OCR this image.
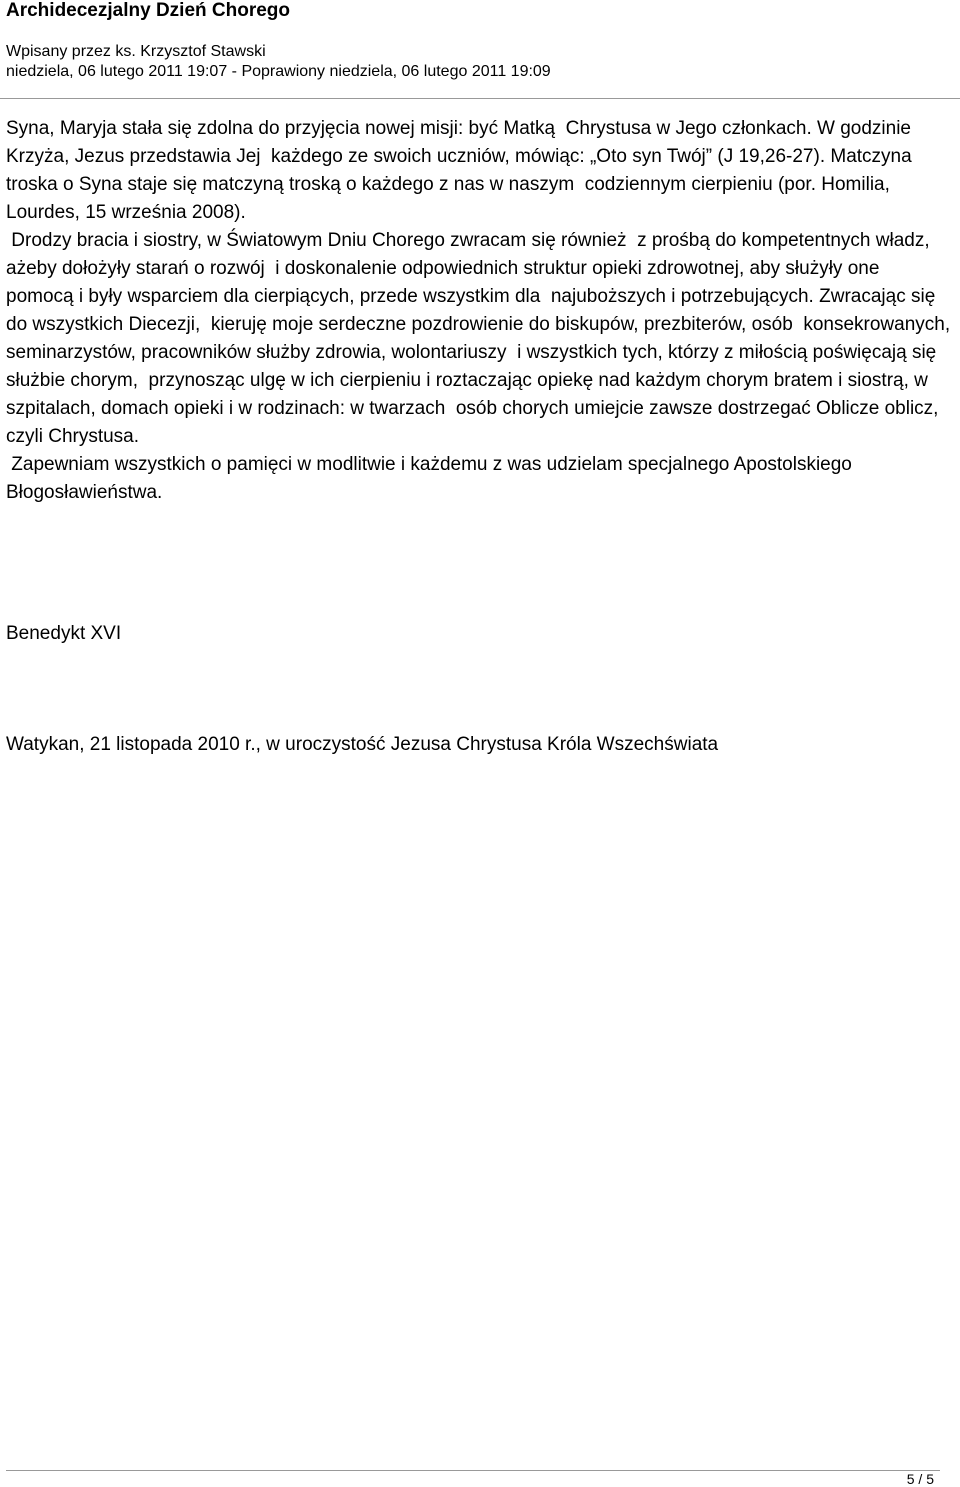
Archidecezjalny Dzień Chorego
Wpisany przez ks. Krzysztof Stawski
niedziela, 06 lutego 2011 19:07 - Poprawiony niedziela, 06 lutego 2011 19:09

Syna, Maryja stała się zdolna do przyjęcia nowej misji: być Matką  Chrystusa w Jego członkach. W godzinie Krzyża, Jezus przedstawia Jej  każdego ze swoich uczniów, mówiąc: „Oto syn Twój” (J 19,26-27). Matczyna  troska o Syna staje się matczyną troską o każdego z nas w naszym  codziennym cierpieniu (por. Homilia, Lourdes, 15 września 2008).

Drodzy bracia i siostry, w Światowym Dniu Chorego zwracam się również  z prośbą do kompetentnych władz, ażeby dołożyły starań o rozwój  i doskonalenie odpowiednich struktur opieki zdrowotnej, aby służyły one  pomocą i były wsparciem dla cierpiących, przede wszystkim dla  najuboższych i potrzebujących. Zwracając się do wszystkich Diecezji,  kieruję moje serdeczne pozdrowienie do biskupów, prezbiterów, osób  konsekrowanych, seminarzystów, pracowników służby zdrowia, wolontariuszy  i wszystkich tych, którzy z miłością poświęcają się służbie chorym,  przynosząc ulgę w ich cierpieniu i roztaczając opiekę nad każdym chorym bratem i siostrą, w szpitalach, domach opieki i w rodzinach: w twarzach  osób chorych umiejcie zawsze dostrzegać Oblicze oblicz, czyli Chrystusa.

Zapewniam wszystkich o pamięci w modlitwie i każdemu z was udzielam specjalnego Apostolskiego Błogosławieństwa.

Benedykt XVI
Watykan, 21 listopada 2010 r., w uroczystość Jezusa Chrystusa Króla Wszechświata
5 / 5
